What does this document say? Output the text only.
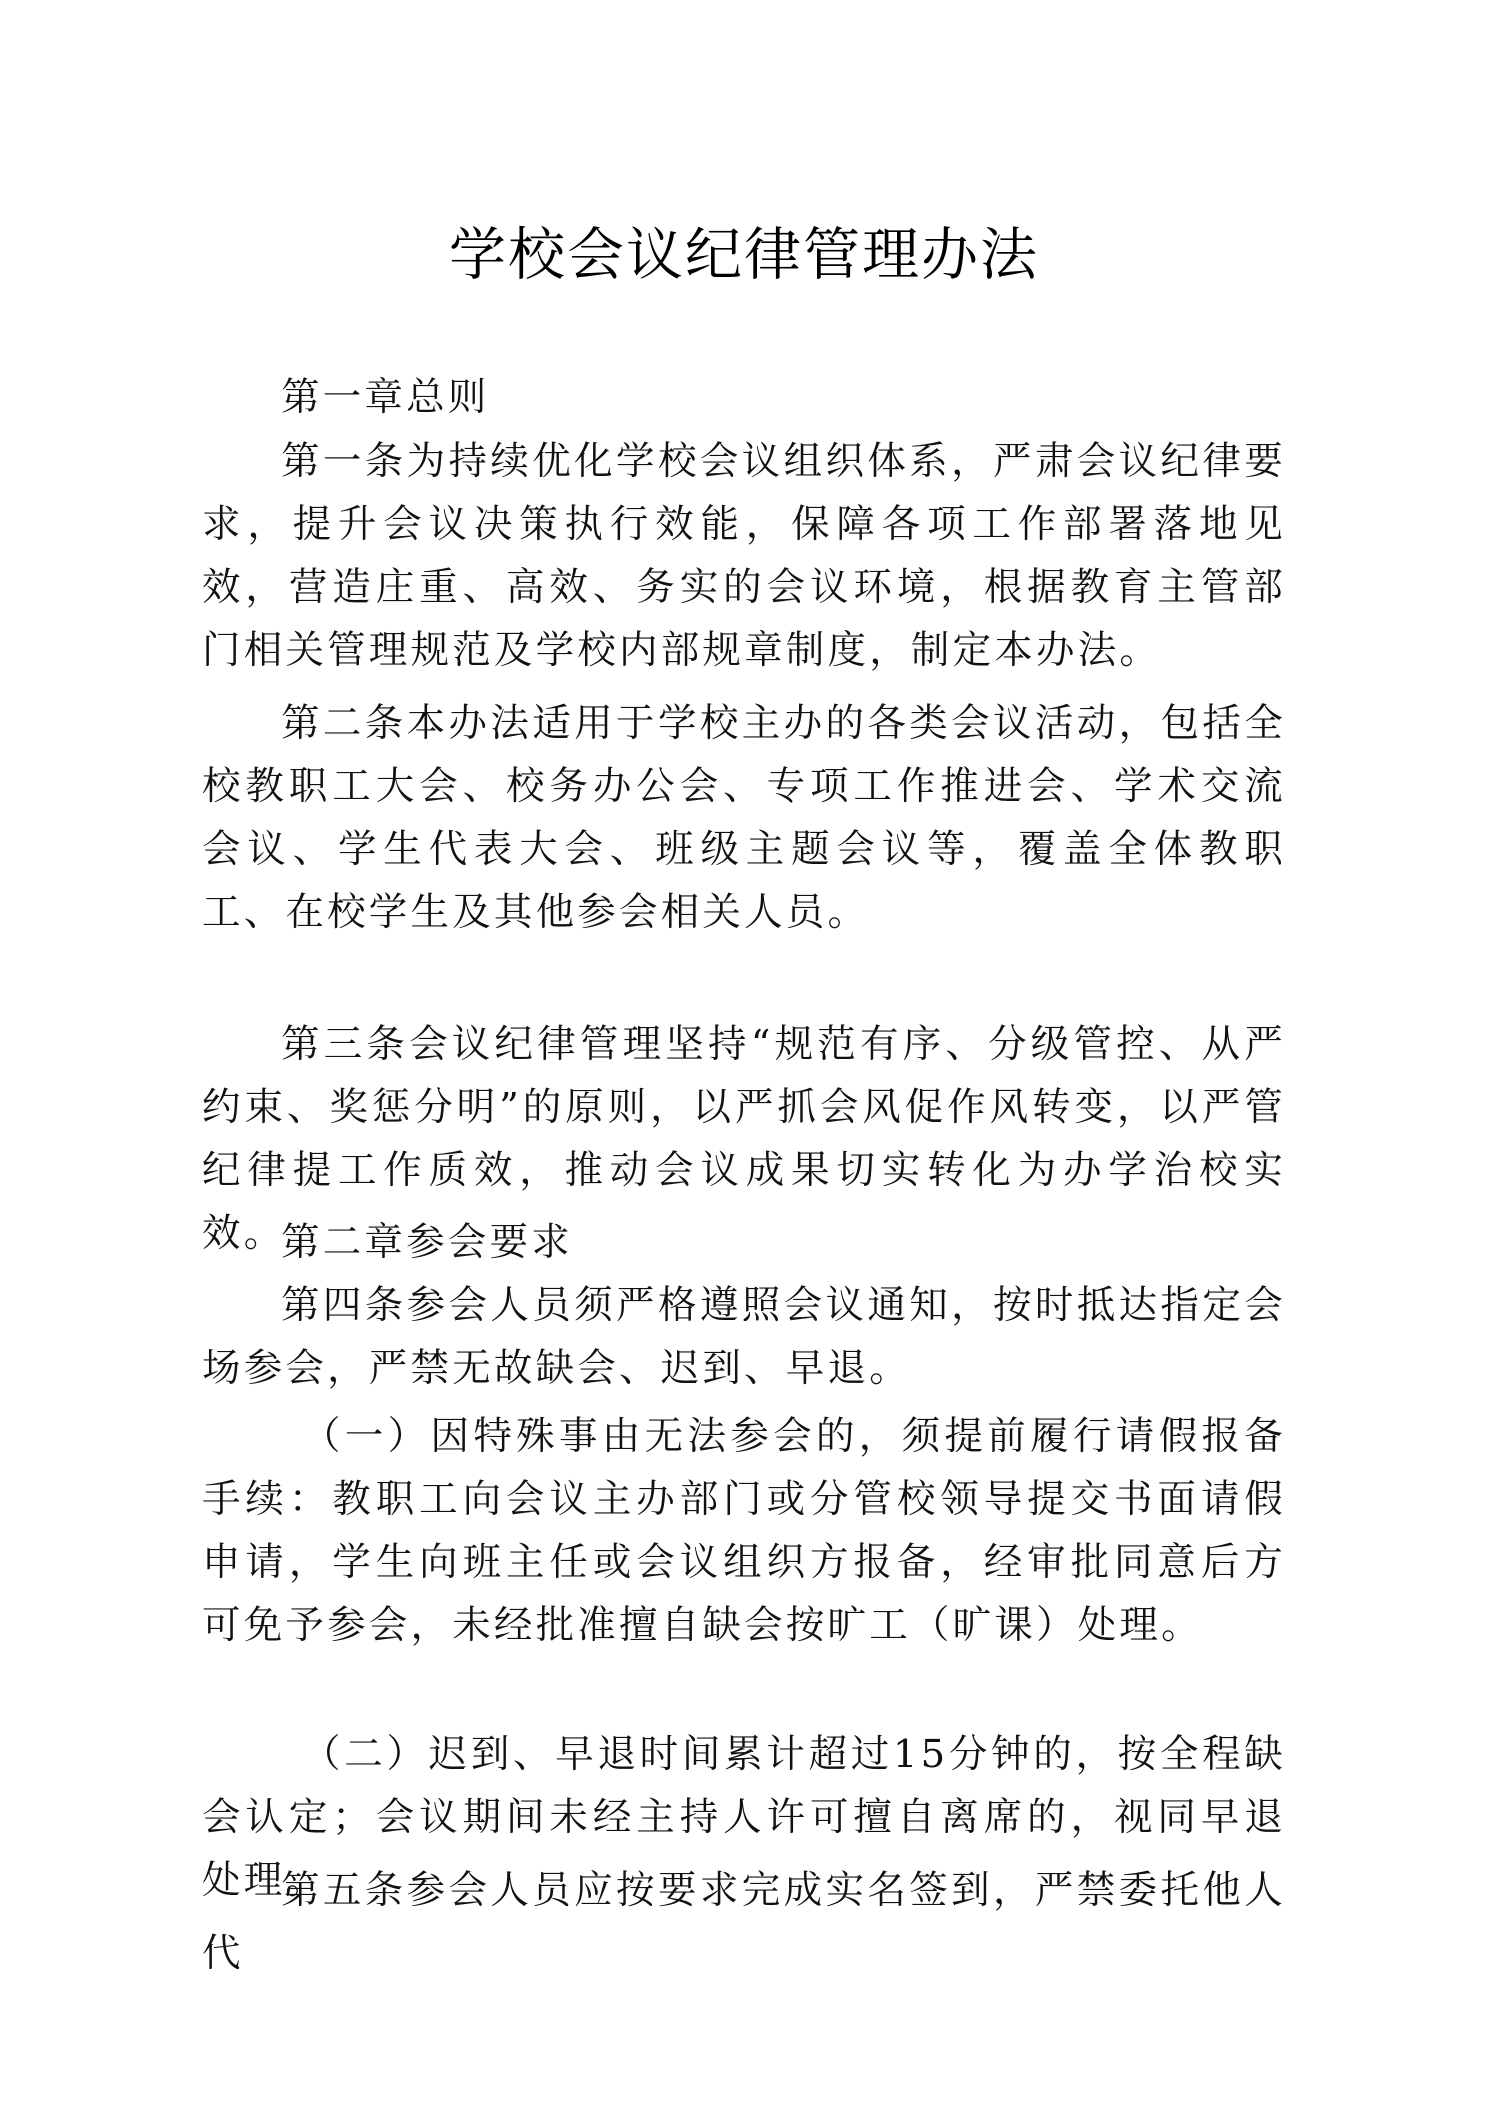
学校会议纪律管理办法

第一章总则

第一条为持续优化学校会议组织体系，严肃会议纪律要求，提升会议决策执行效能，保障各项工作部署落地见效，营造庄重、高效、务实的会议环境，根据教育主管部门相关管理规范及学校内部规章制度，制定本办法。

第二条本办法适用于学校主办的各类会议活动，包括全校教职工大会、校务办公会、专项工作推进会、学术交流会议、学生代表大会、班级主题会议等，覆盖全体教职工、在校学生及其他参会相关人员。

第三条会议纪律管理坚持“规范有序、分级管控、从严约束、奖惩分明”的原则，以严抓会风促作风转变，以严管纪律提工作质效，推动会议成果切实转化为办学治校实效。

第二章参会要求

第四条参会人员须严格遵照会议通知，按时抵达指定会场参会，严禁无故缺会、迟到、早退。

（一）因特殊事由无法参会的，须提前履行请假报备手续：教职工向会议主办部门或分管校领导提交书面请假申请，学生向班主任或会议组织方报备，经审批同意后方可免予参会，未经批准擅自缺会按旷工（旷课）处理。

（二）迟到、早退时间累计超过15分钟的，按全程缺会认定；会议期间未经主持人许可擅自离席的，视同早退处理。

第五条参会人员应按要求完成实名签到，严禁委托他人代
